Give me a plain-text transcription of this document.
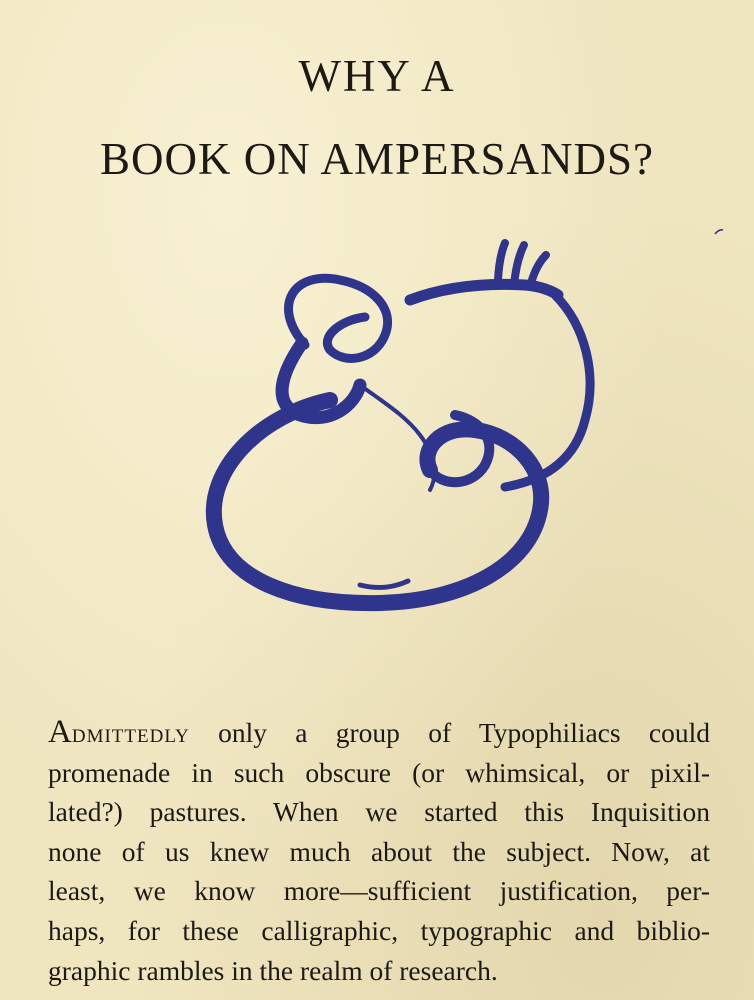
WHY A
BOOK ON AMPERSANDS?
Admittedly only a group of Typophiliacs could
promenade in such obscure (or whimsical, or pixil-
lated?) pastures. When we started this Inquisition
none of us knew much about the subject. Now, at
least, we know more—sufficient justification, per-
haps, for these calligraphic, typographic and biblio-
graphic rambles in the realm of research.
